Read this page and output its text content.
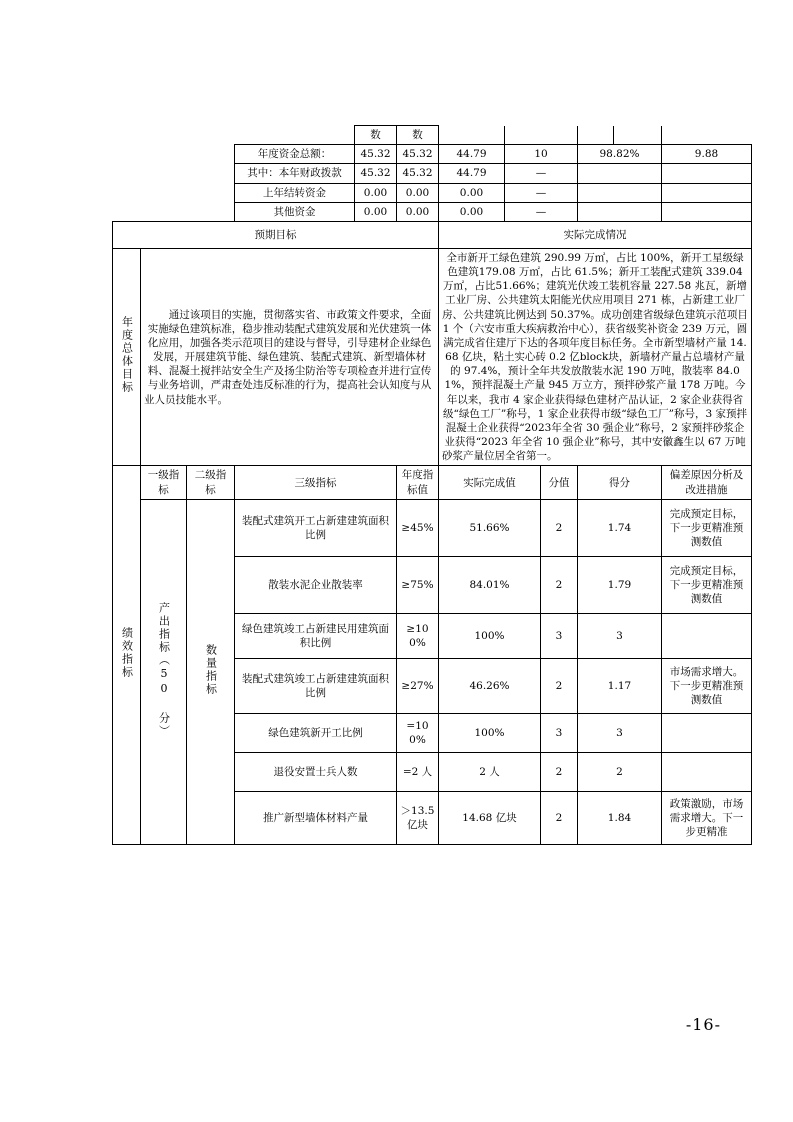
				数	数						
			年度资金总额：	45.32	45.32	44.79	10		98.82%		9.88
			其中：本年财政拨款	45.32	45.32	44.79	—				
			上年结转资金	0.00	0.00	0.00	—				
			其他资金	0.00	0.00	0.00	—				
预期目标						实际完成情况					
年度总体目标	通过该项目的实施，贯彻落实省、市政策文件要求，全面实施绿色建筑标准，稳步推动装配式建筑发展和光伏建筑一体化应用，加强各类示范项目的建设与督导，引导建材企业绿色发展，开展建筑节能、绿色建筑、装配式建筑、新型墙体材料、混凝土搅拌站安全生产及扬尘防治等专项检查并进行宣传与业务培训，严肃查处违反标准的行为，提高社会认知度与从业人员技能水平。					全市新开工绿色建筑 290.99 万㎡，占比 100%，新开工星级绿色建筑179.08 万㎡，占比 61.5%；新开工装配式建筑 339.04 万㎡，占比51.66%；建筑光伏竣工装机容量 227.58 兆瓦，新增工业厂房、公共建筑太阳能光伏应用项目 271 栋，占新建工业厂房、公共建筑比例达到 50.37%。成功创建省级绿色建筑示范项目 1 个（六安市重大疾病救治中心），获省级奖补资金 239 万元，圆满完成省住建厅下达的各项年度目标任务。全市新型墙材产量 14.68 亿块，粘土实心砖 0.2 亿block块，新墙材产量占总墙材产量的 97.4%，预计全年共发放散装水泥 190 万吨，散装率 84.01%，预拌混凝土产量 945 万立方，预拌砂浆产量 178 万吨。今年以来，我市 4 家企业获得绿色建材产品认证，2 家企业获得省级“绿色工厂”称号，1 家企业获得市级“绿色工厂”称号，3 家预拌混凝土企业获得“2023年全省 30 强企业”称号，2 家预拌砂浆企业获得“2023 年全省 10 强企业”称号，其中安徽鑫生以 67 万吨砂浆产量位居全省第一。					
绩效指标	一级指标	二级指标	三级指标		年度指标值	实际完成值		分值	得分		偏差原因分析及改进措施
	产出指标（50 分）	数量指标	装配式建筑开工占新建建筑面积比例		≥45%	51.66%		2	1.74		完成预定目标，下一步更精准预测数值
			散装水泥企业散装率		≥75%	84.01%		2	1.79		完成预定目标，下一步更精准预测数值
			绿色建筑竣工占新建民用建筑面积比例		≥100%	100%		3	3		
			装配式建筑竣工占新建建筑面积比例		≥27%	46.26%		2	1.17		市场需求增大。下一步更精准预测数值
			绿色建筑新开工比例		=100%	100%		3	3		
			退役安置士兵人数		=2 人	2 人		2	2		
			推广新型墙体材料产量		＞13.5 亿块	14.68 亿块		2	1.84		政策激励，市场需求增大。下一步更精准
-16-
